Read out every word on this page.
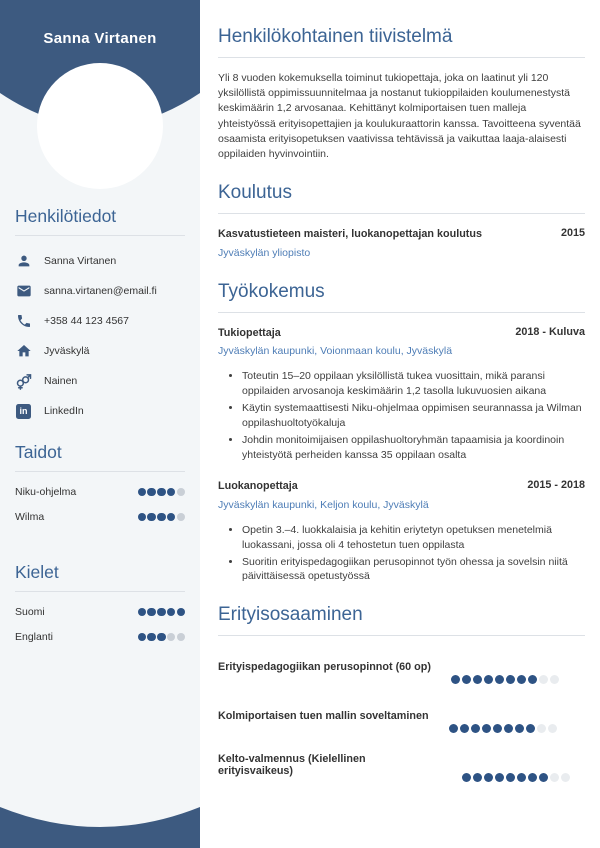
Sanna Virtanen
Henkilötiedot
Sanna Virtanen
sanna.virtanen@email.fi
+358 44 123 4567
Jyväskylä
Nainen
in	LinkedIn
Taidot
Niku-ohjelma
Wilma
Kielet
Suomi
Englanti
Henkilökohtainen tiivistelmä

Yli 8 vuoden kokemuksella toiminut tukiopettaja, joka on laatinut yli 120 yksilöllistä oppimissuunnitelmaa ja nostanut tukioppilaiden koulumenestystä keskimäärin 1,2 arvosanaa. Kehittänyt kolmiportaisen tuen malleja yhteistyössä erityisopettajien ja koulukuraattorin kanssa. Tavoitteena syventää osaamista erityisopetuksen vaativissa tehtävissä ja vaikuttaa laaja-alaisesti oppilaiden hyvinvointiin.

Koulutus
Kasvatustieteen maisteri, luokanopettajan koulutus	2015
Jyväskylän yliopisto
Työkokemus
Tukiopettaja	2018 - Kuluva
Jyväskylän kaupunki, Voionmaan koulu, Jyväskylä
• Toteutin 15–20 oppilaan yksilöllistä tukea vuosittain, mikä paransi oppilaiden arvosanoja keskimäärin 1,2 tasolla lukuvuosien aikana
• Käytin systemaattisesti Niku-ohjelmaa oppimisen seurannassa ja Wilman oppilashuoltotyökaluja
• Johdin monitoimijaisen oppilashuoltoryhmän tapaamisia ja koordinoin yhteistyötä perheiden kanssa 35 oppilaan osalta
Luokanopettaja	2015 - 2018
Jyväskylän kaupunki, Keljon koulu, Jyväskylä
• Opetin 3.–4. luokkalaisia ja kehitin eriytetyn opetuksen menetelmiä luokassani, jossa oli 4 tehostetun tuen oppilasta
• Suoritin erityispedagogiikan perusopinnot työn ohessa ja sovelsin niitä päivittäisessä opetustyössä
Erityisosaaminen
Erityispedagogiikan perusopinnot (60 op)
Kolmiportaisen tuen mallin soveltaminen
Kelto-valmennus (Kielellinen erityisvaikeus)
